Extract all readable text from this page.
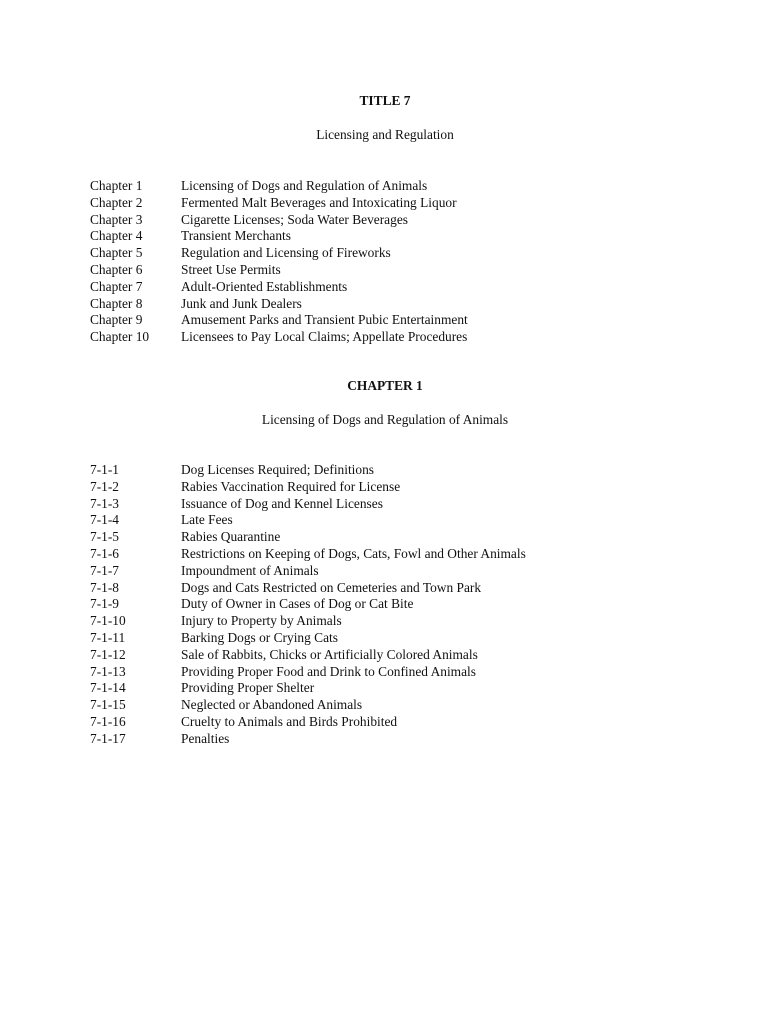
TITLE 7
Licensing and Regulation
Chapter 1	Licensing of Dogs and Regulation of Animals
Chapter 2	Fermented Malt Beverages and Intoxicating Liquor
Chapter 3	Cigarette Licenses; Soda Water Beverages
Chapter 4	Transient Merchants
Chapter 5	Regulation and Licensing of Fireworks
Chapter 6	Street Use Permits
Chapter 7	Adult-Oriented Establishments
Chapter 8	Junk and Junk Dealers
Chapter 9	Amusement Parks and Transient Pubic Entertainment
Chapter 10	Licensees to Pay Local Claims; Appellate Procedures
CHAPTER 1
Licensing of Dogs and Regulation of Animals
7-1-1	Dog Licenses Required; Definitions
7-1-2	Rabies Vaccination Required for License
7-1-3	Issuance of Dog and Kennel Licenses
7-1-4	Late Fees
7-1-5	Rabies Quarantine
7-1-6	Restrictions on Keeping of Dogs, Cats, Fowl and Other Animals
7-1-7	Impoundment of Animals
7-1-8	Dogs and Cats Restricted on Cemeteries and Town Park
7-1-9	Duty of Owner in Cases of Dog or Cat Bite
7-1-10	Injury to Property by Animals
7-1-11	Barking Dogs or Crying Cats
7-1-12	Sale of Rabbits, Chicks or Artificially Colored Animals
7-1-13	Providing Proper Food and Drink to Confined Animals
7-1-14	Providing Proper Shelter
7-1-15	Neglected or Abandoned Animals
7-1-16	Cruelty to Animals and Birds Prohibited
7-1-17	Penalties
